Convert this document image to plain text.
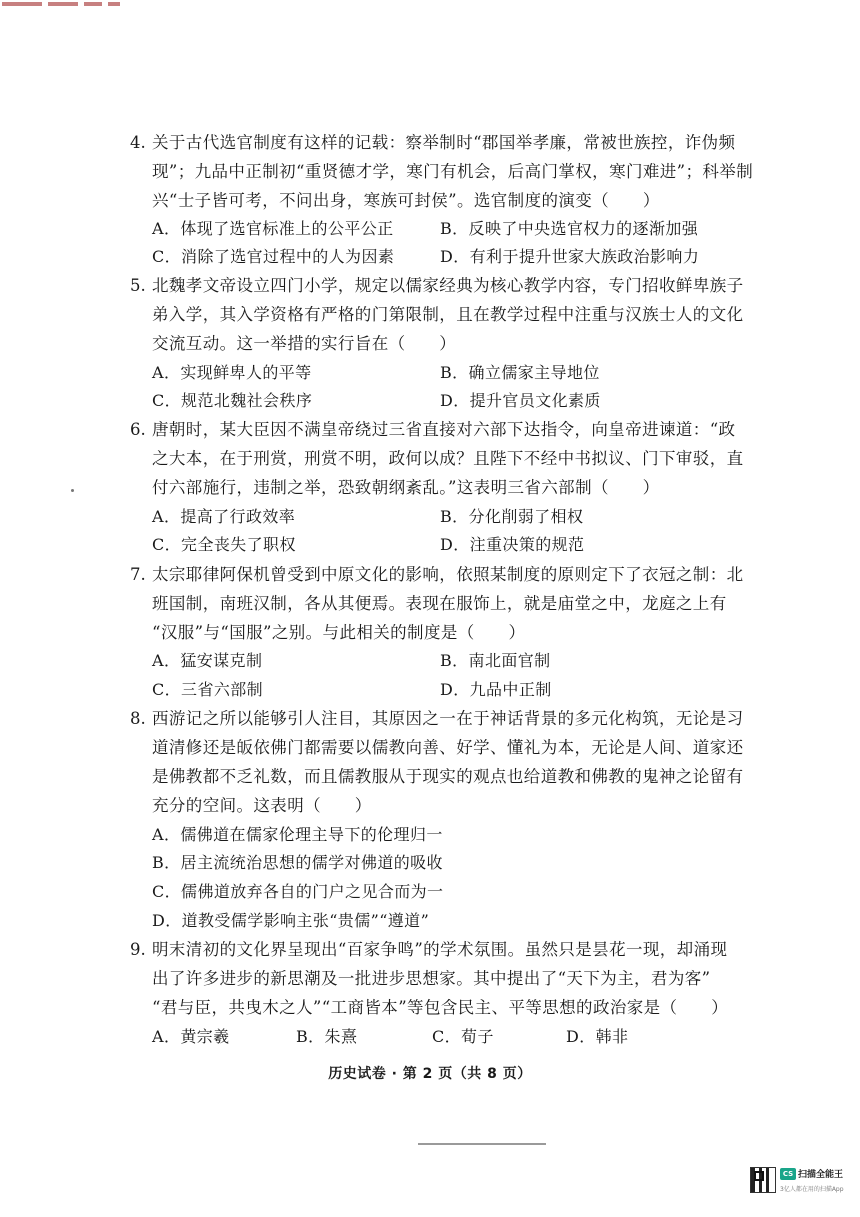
4. 关于古代选官制度有这样的记载：察举制时“郡国举孝廉，常被世族控，诈伪频
现”；九品中正制初“重贤德才学，寒门有机会，后高门掌权，寒门难进”；科举制
兴“士子皆可考，不问出身，寒族可封侯”。选官制度的演变（　　）
A．体现了选官标准上的公平公正	B．反映了中央选官权力的逐渐加强
C．消除了选官过程中的人为因素	D．有利于提升世家大族政治影响力
5. 北魏孝文帝设立四门小学，规定以儒家经典为核心教学内容，专门招收鲜卑族子
弟入学，其入学资格有严格的门第限制，且在教学过程中注重与汉族士人的文化
交流互动。这一举措的实行旨在（　　）
A．实现鲜卑人的平等	B．确立儒家主导地位
C．规范北魏社会秩序	D．提升官员文化素质
6. 唐朝时，某大臣因不满皇帝绕过三省直接对六部下达指令，向皇帝进谏道：“政
之大本，在于刑赏，刑赏不明，政何以成？且陛下不经中书拟议、门下审驳，直
付六部施行，违制之举，恐致朝纲紊乱。”这表明三省六部制（　　）
A．提高了行政效率	B．分化削弱了相权
C．完全丧失了职权	D．注重决策的规范
7. 太宗耶律阿保机曾受到中原文化的影响，依照某制度的原则定下了衣冠之制：北
班国制，南班汉制，各从其便焉。表现在服饰上，就是庙堂之中，龙庭之上有
“汉服”与“国服”之别。与此相关的制度是（　　）
A．猛安谋克制	B．南北面官制
C．三省六部制	D．九品中正制
8. 西游记之所以能够引人注目，其原因之一在于神话背景的多元化构筑，无论是习
道清修还是皈依佛门都需要以儒教向善、好学、懂礼为本，无论是人间、道家还
是佛教都不乏礼数，而且儒教服从于现实的观点也给道教和佛教的鬼神之论留有
充分的空间。这表明（　　）
A．儒佛道在儒家伦理主导下的伦理归一
B．居主流统治思想的儒学对佛道的吸收
C．儒佛道放弃各自的门户之见合而为一
D．道教受儒学影响主张“贵儒”“遵道”
9. 明末清初的文化界呈现出“百家争鸣”的学术氛围。虽然只是昙花一现，却涌现
出了许多进步的新思潮及一批进步思想家。其中提出了“天下为主，君为客”
“君与臣，共曳木之人”“工商皆本”等包含民主、平等思想的政治家是（　　）
A．黄宗羲	B．朱熹	C．荀子	D．韩非
历史试卷 · 第 2 页（共 8 页）
CS 扫描全能王
3亿人都在用的扫描App
